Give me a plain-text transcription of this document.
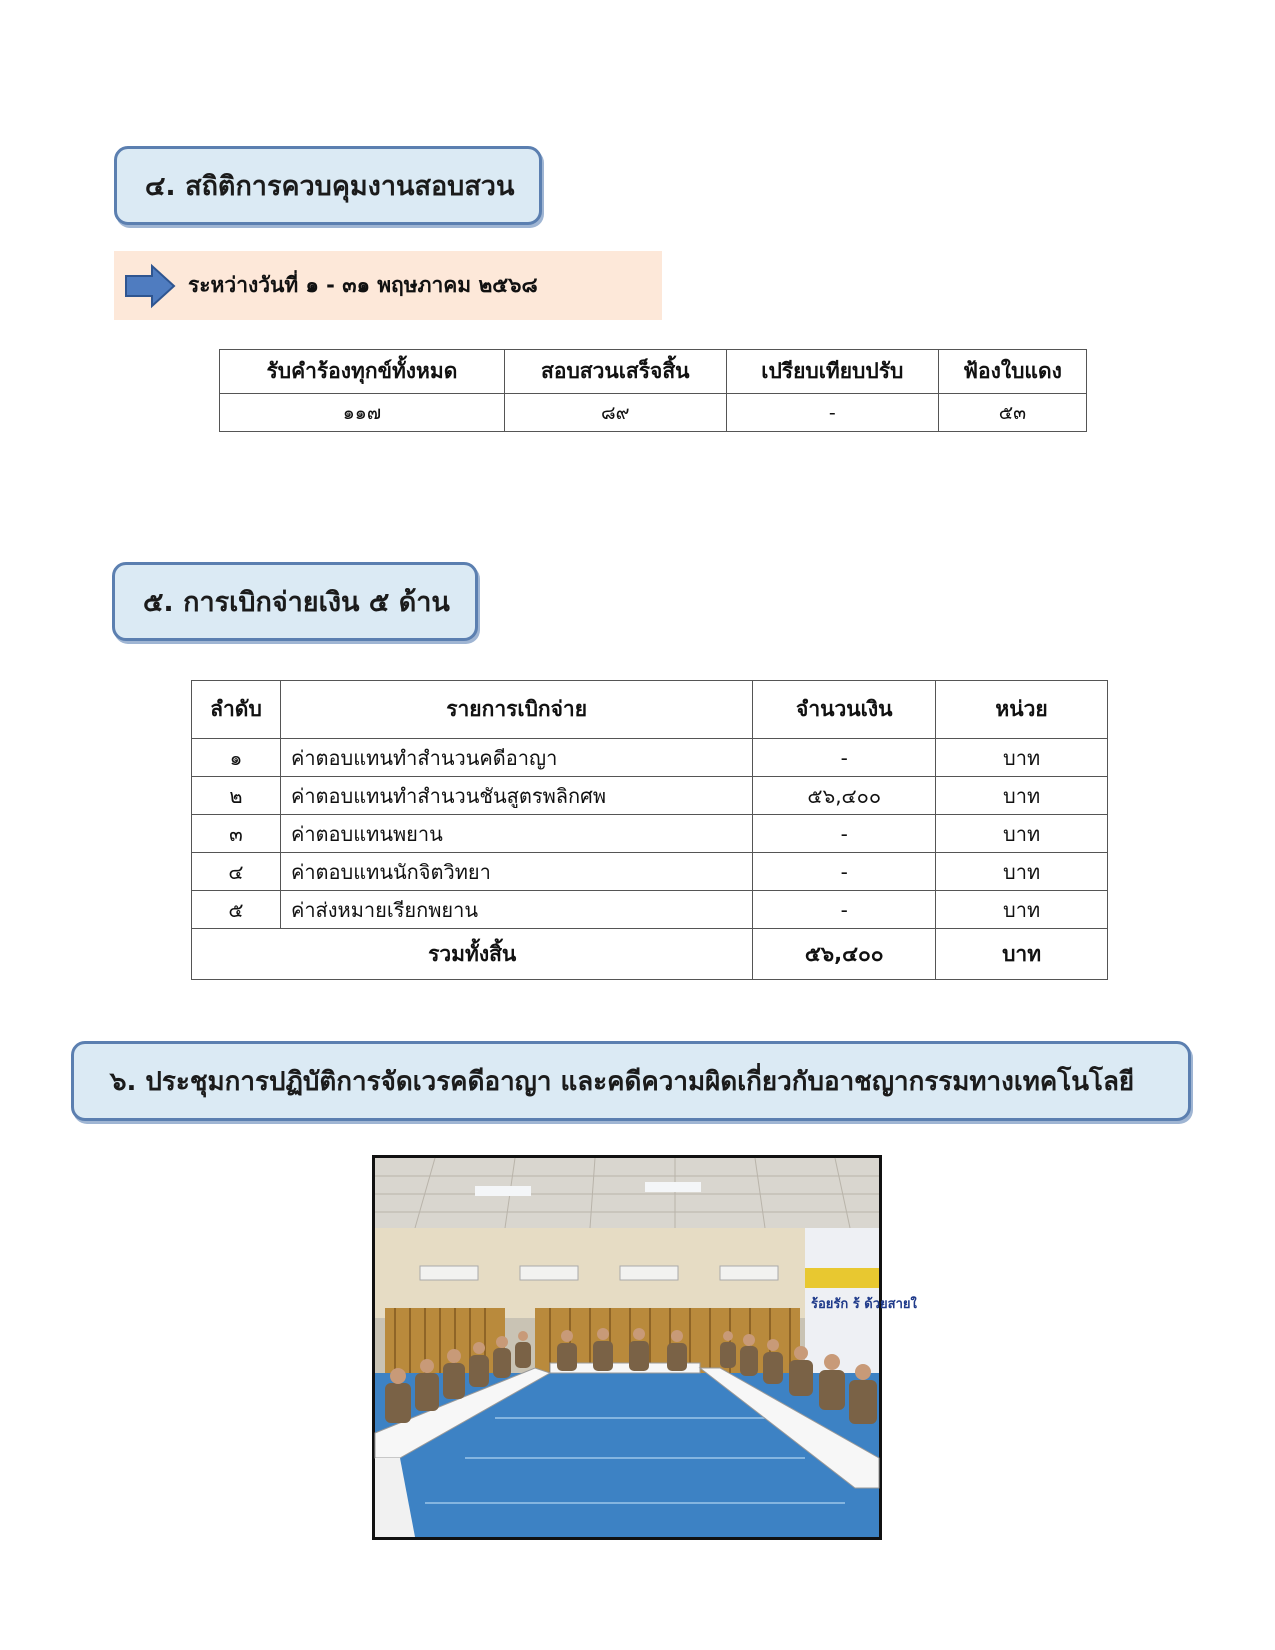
๔. สถิติการควบคุมงานสอบสวน
ระหว่างวันที่ ๑ - ๓๑ พฤษภาคม ๒๕๖๘
รับคำร้องทุกข์ทั้งหมด	สอบสวนเสร็จสิ้น	เปรียบเทียบปรับ	ฟ้องใบแดง
๑๑๗	๘๙	-	๕๓
๕. การเบิกจ่ายเงิน ๕ ด้าน
ลำดับ	รายการเบิกจ่าย	จำนวนเงิน	หน่วย
๑	ค่าตอบแทนทำสำนวนคดีอาญา	-	บาท
๒	ค่าตอบแทนทำสำนวนชันสูตรพลิกศพ	๕๖,๔๐๐	บาท
๓	ค่าตอบแทนพยาน	-	บาท
๔	ค่าตอบแทนนักจิตวิทยา	-	บาท
๕	ค่าส่งหมายเรียกพยาน	-	บาท
รวมทั้งสิ้น		๕๖,๔๐๐	บาท
๖. ประชุมการปฏิบัติการจัดเวรคดีอาญา และคดีความผิดเกี่ยวกับอาชญากรรมทางเทคโนโลยี
ร้อยรัก ร้ ด้วยสายใ
